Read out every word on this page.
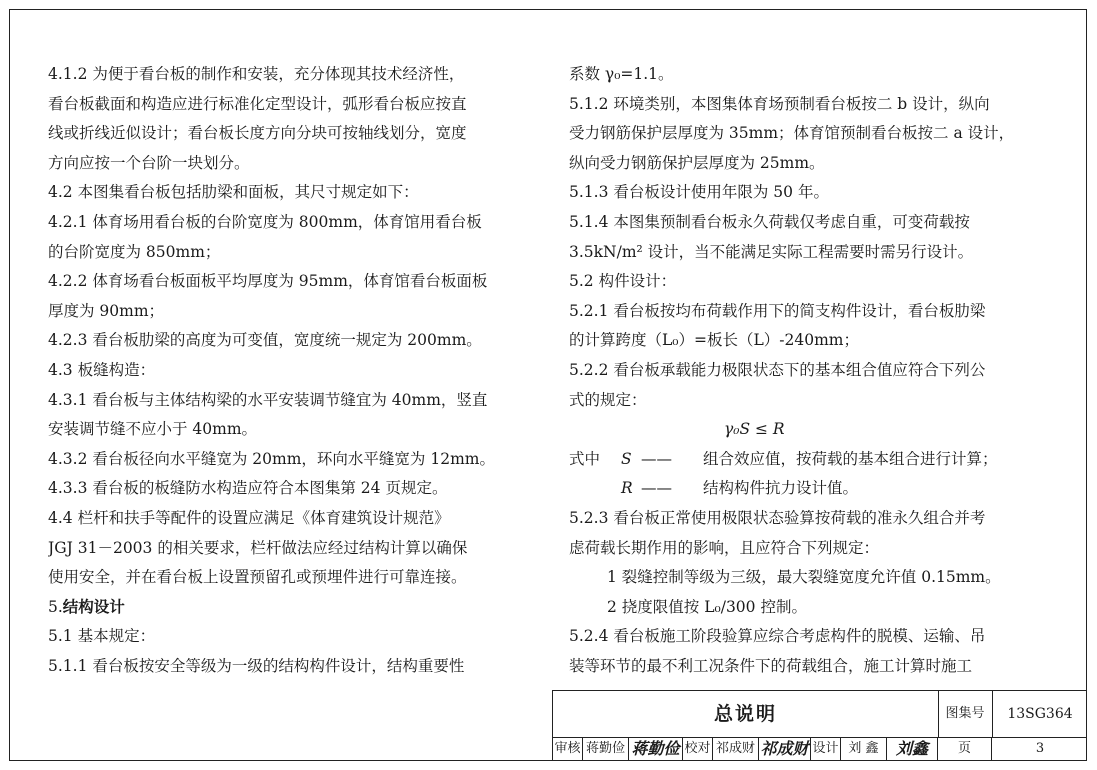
4.1.2 为便于看台板的制作和安装，充分体现其技术经济性，
看台板截面和构造应进行标准化定型设计，弧形看台板应按直
线或折线近似设计；看台板长度方向分块可按轴线划分，宽度
方向应按一个台阶一块划分。
4.2 本图集看台板包括肋梁和面板，其尺寸规定如下：
4.2.1 体育场用看台板的台阶宽度为 800mm，体育馆用看台板
的台阶宽度为 850mm；
4.2.2 体育场看台板面板平均厚度为 95mm，体育馆看台板面板
厚度为 90mm；
4.2.3 看台板肋梁的高度为可变值，宽度统一规定为 200mm。
4.3 板缝构造：
4.3.1 看台板与主体结构梁的水平安装调节缝宜为 40mm，竖直
安装调节缝不应小于 40mm。
4.3.2 看台板径向水平缝宽为 20mm，环向水平缝宽为 12mm。
4.3.3 看台板的板缝防水构造应符合本图集第 24 页规定。
4.4 栏杆和扶手等配件的设置应满足《体育建筑设计规范》
JGJ 31－2003 的相关要求，栏杆做法应经过结构计算以确保
使用安全，并在看台板上设置预留孔或预埋件进行可靠连接。
5.结构设计
5.1 基本规定：
5.1.1 看台板按安全等级为一级的结构构件设计，结构重要性
系数 γ₀=1.1。
5.1.2 环境类别，本图集体育场预制看台板按二 b 设计，纵向
受力钢筋保护层厚度为 35mm；体育馆预制看台板按二 a 设计，
纵向受力钢筋保护层厚度为 25mm。
5.1.3 看台板设计使用年限为 50 年。
5.1.4 本图集预制看台板永久荷载仅考虑自重，可变荷载按
3.5kN/m² 设计，当不能满足实际工程需要时需另行设计。
5.2 构件设计：
5.2.1 看台板按均布荷载作用下的简支构件设计，看台板肋梁
的计算跨度（L₀）=板长（L）-240mm；
5.2.2 看台板承载能力极限状态下的基本组合值应符合下列公
式的规定：
γ₀S ≤ R
式中 S —— 组合效应值，按荷载的基本组合进行计算；
R —— 结构构件抗力设计值。
5.2.3 看台板正常使用极限状态验算按荷载的准永久组合并考
虑荷载长期作用的影响，且应符合下列规定：
1 裂缝控制等级为三级，最大裂缝宽度允许值 0.15mm。
2 挠度限值按 L₀/300 控制。
5.2.4 看台板施工阶段验算应综合考虑构件的脱模、运输、吊
装等环节的最不利工况条件下的荷载组合，施工计算时施工
总说明	图集号	13SG364
审核 蒋勤俭 蒋勤俭 校对 祁成财 祁成财 设计 刘 鑫	刘鑫	页	3
